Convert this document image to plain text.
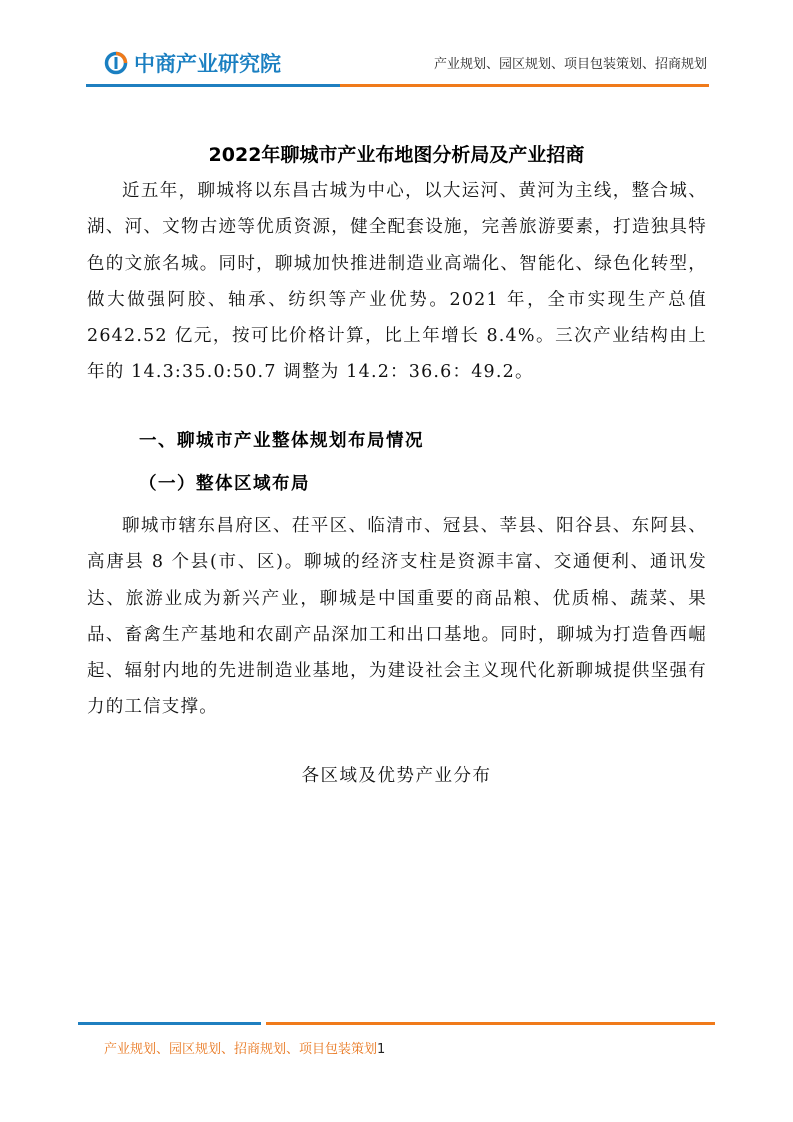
中商产业研究院	产业规划、园区规划、项目包装策划、招商规划
2022年聊城市产业布地图分析局及产业招商

近五年，聊城将以东昌古城为中心，以大运河、黄河为主线，整合城、湖、河、文物古迹等优质资源，健全配套设施，完善旅游要素，打造独具特色的文旅名城。同时，聊城加快推进制造业高端化、智能化、绿色化转型，做大做强阿胶、轴承、纺织等产业优势。2021 年，全市实现生产总值 2642.52 亿元，按可比价格计算，比上年增长 8.4%。三次产业结构由上年的 14.3:35.0:50.7 调整为 14.2：36.6：49.2。

一、聊城市产业整体规划布局情况
（一）整体区域布局

聊城市辖东昌府区、茌平区、临清市、冠县、莘县、阳谷县、东阿县、高唐县 8 个县(市、区)。聊城的经济支柱是资源丰富、交通便利、通讯发达、旅游业成为新兴产业，聊城是中国重要的商品粮、优质棉、蔬菜、果品、畜禽生产基地和农副产品深加工和出口基地。同时，聊城为打造鲁西崛起、辐射内地的先进制造业基地，为建设社会主义现代化新聊城提供坚强有力的工信支撑。

各区域及优势产业分布
产业规划、园区规划、招商规划、项目包装策划1
